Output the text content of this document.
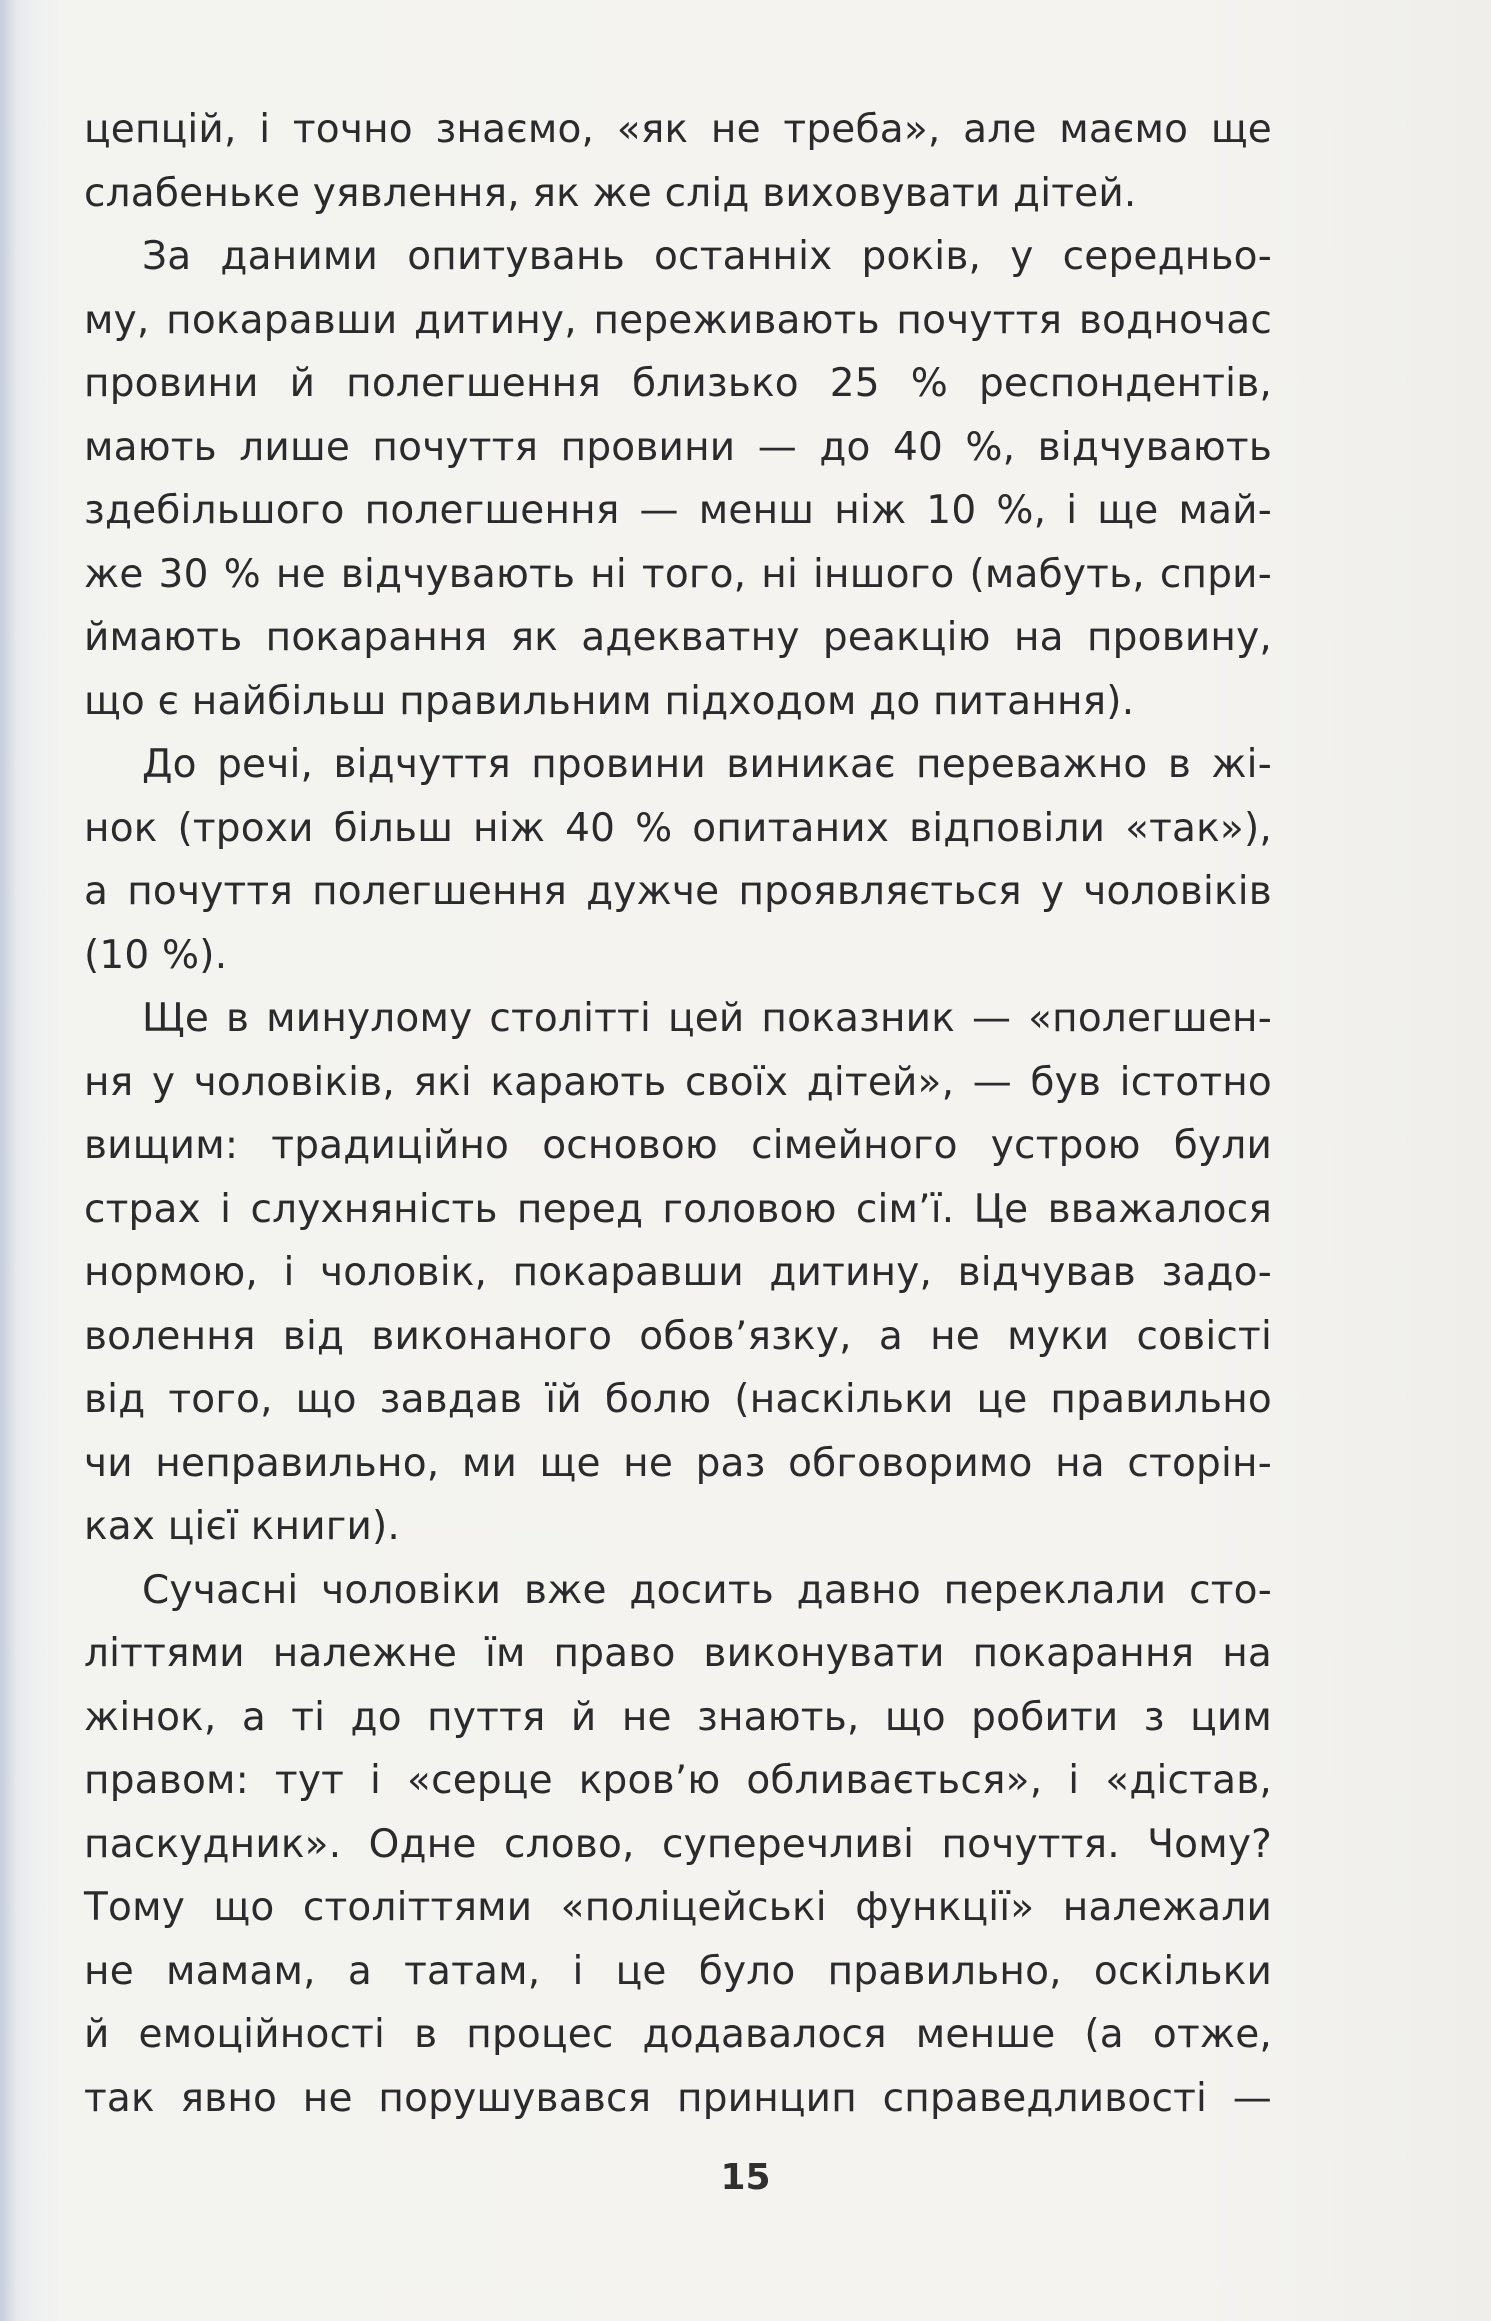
цепцій, і точно знаємо, «як не треба», але маємо ще
слабеньке уявлення, як же слід виховувати дітей.
За даними опитувань останніх років, у середньо-
му, покаравши дитину, переживають почуття водночас
провини й полегшення близько 25 % респондентів,
мають лише почуття провини — до 40 %, відчувають
здебільшого полегшення — менш ніж 10 %, і ще май-
же 30 % не відчувають ні того, ні іншого (мабуть, спри-
ймають покарання як адекватну реакцію на провину,
що є найбільш правильним підходом до питання).
До речі, відчуття провини виникає переважно в жі-
нок (трохи більш ніж 40 % опитаних відповіли «так»),
а почуття полегшення дужче проявляється у чоловіків
(10 %).
Ще в минулому столітті цей показник — «полегшен-
ня у чоловіків, які карають своїх дітей», — був істотно
вищим: традиційно основою сімейного устрою були
страх і слухняність перед головою сім’ї. Це вважалося
нормою, і чоловік, покаравши дитину, відчував задо-
волення від виконаного обов’язку, а не муки совісті
від того, що завдав їй болю (наскільки це правильно
чи неправильно, ми ще не раз обговоримо на сторін-
ках цієї книги).
Сучасні чоловіки вже досить давно переклали сто-
літтями належне їм право виконувати покарання на
жінок, а ті до пуття й не знають, що робити з цим
правом: тут і «серце кров’ю обливається», і «дістав,
паскудник». Одне слово, суперечливі почуття. Чому?
Тому що століттями «поліцейські функції» належали
не мамам, а татам, і це було правильно, оскільки
й емоційності в процес додавалося менше (а отже,
так явно не порушувався принцип справедливості —
15
